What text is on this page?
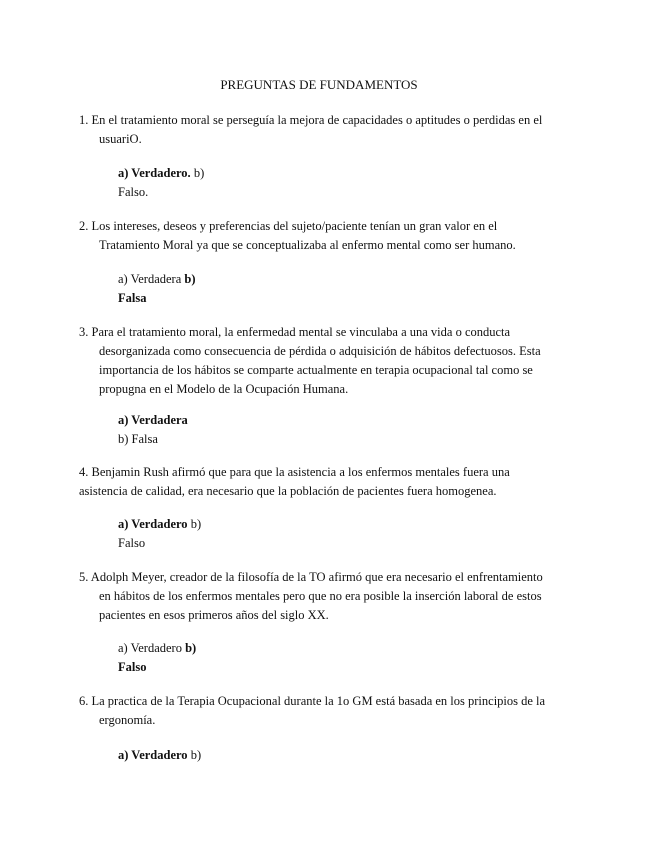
PREGUNTAS DE FUNDAMENTOS
1. En el tratamiento moral se perseguía la mejora de capacidades o aptitudes o perdidas en el
usuariO.
a) Verdadero. b)
Falso.
2. Los intereses, deseos y preferencias del sujeto/paciente tenían un gran valor en el
Tratamiento Moral ya que se conceptualizaba al enfermo mental como ser humano.
a) Verdadera b)
Falsa
3. Para el tratamiento moral, la enfermedad mental se vinculaba a una vida o conducta
desorganizada como consecuencia de pérdida o adquisición de hábitos defectuosos. Esta
importancia de los hábitos se comparte actualmente en terapia ocupacional tal como se
propugna en el Modelo de la Ocupación Humana.
a) Verdadera
b) Falsa
4. Benjamin Rush afirmó que para que la asistencia a los enfermos mentales fuera una
asistencia de calidad, era necesario que la población de pacientes fuera homogenea.
a) Verdadero b)
Falso
5. Adolph Meyer, creador de la filosofía de la TO afirmó que era necesario el enfrentamiento
en hábitos de los enfermos mentales pero que no era posible la inserción laboral de estos
pacientes en esos primeros años del siglo XX.
a) Verdadero b)
Falso
6. La practica de la Terapia Ocupacional durante la 1o GM está basada en los principios de la
ergonomía.
a) Verdadero b)
